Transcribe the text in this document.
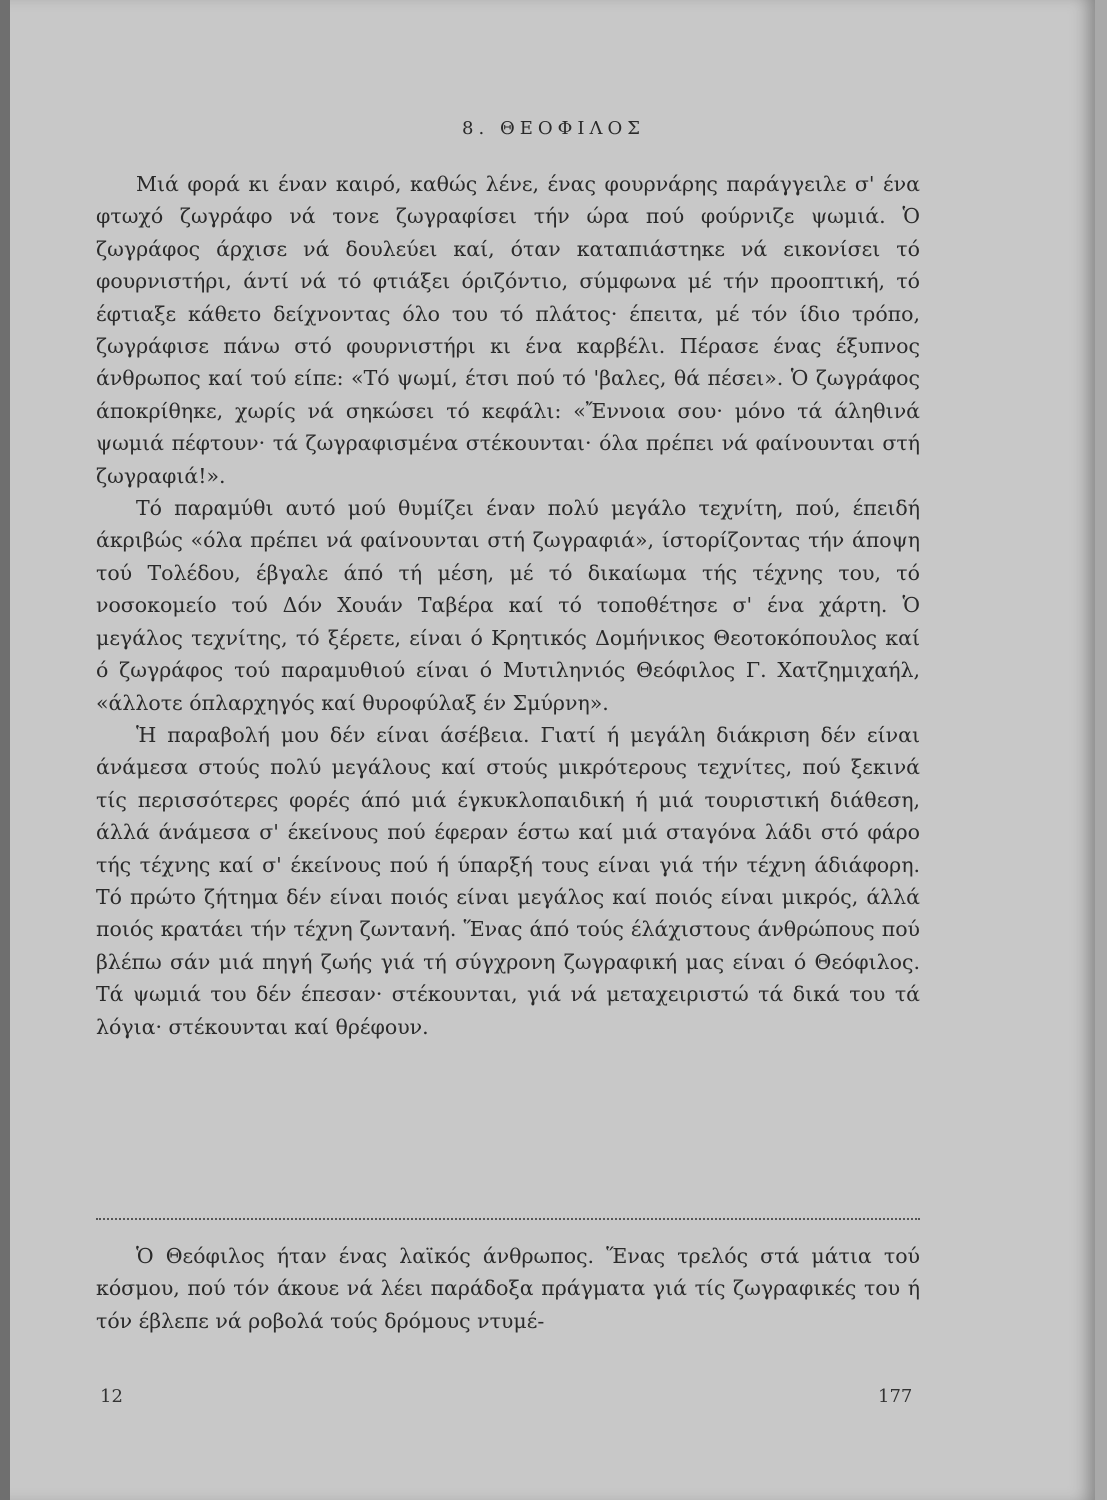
8. ΘΕΟΦΙΛΟΣ

Μιά φορά κι έναν καιρό, καθώς λένε, ένας φουρνάρης παράγγειλε σ' ένα φτωχό ζωγράφο νά τονε ζωγραφίσει τήν ώρα πού φούρνιζε ψωμιά. Ὁ ζωγράφος άρχισε νά δουλεύει καί, όταν καταπιάστηκε νά εικονίσει τό φουρνιστήρι, άντί νά τό φτιάξει όριζόντιο, σύμφωνα μέ τήν προοπτική, τό έφτιαξε κάθετο δείχνοντας όλο του τό πλάτος· έπειτα, μέ τόν ίδιο τρόπο, ζωγράφισε πάνω στό φουρνιστήρι κι ένα καρβέλι. Πέρασε ένας έξυπνος άνθρωπος καί τού είπε: «Τό ψωμί, έτσι πού τό 'βαλες, θά πέσει». Ὁ ζωγράφος άποκρίθηκε, χωρίς νά σηκώσει τό κεφάλι: «Ἔννοια σου· μόνο τά άληθινά ψωμιά πέφτουν· τά ζωγραφισμένα στέκουνται· όλα πρέπει νά φαίνουνται στή ζωγραφιά!».

Τό παραμύθι αυτό μού θυμίζει έναν πολύ μεγάλο τεχνίτη, πού, έπειδή άκριβώς «όλα πρέπει νά φαίνουνται στή ζωγραφιά», ίστορίζοντας τήν άποψη τού Τολέδου, έβγαλε άπό τή μέση, μέ τό δικαίωμα τής τέχνης του, τό νοσοκομείο τού Δόν Χουάν Ταβέρα καί τό τοποθέτησε σ' ένα χάρτη. Ὁ μεγάλος τεχνίτης, τό ξέρετε, είναι ό Κρητικός Δομήνικος Θεοτοκόπουλος καί ό ζωγράφος τού παραμυθιού είναι ό Μυτιληνιός Θεόφιλος Γ. Χατζημιχαήλ, «άλλοτε όπλαρχηγός καί θυροφύλαξ έν Σμύρνη».

Ἡ παραβολή μου δέν είναι άσέβεια. Γιατί ή μεγάλη διάκριση δέν είναι άνάμεσα στούς πολύ μεγάλους καί στούς μικρότερους τεχνίτες, πού ξεκινά τίς περισσότερες φορές άπό μιά έγκυκλοπαιδική ή μιά τουριστική διάθεση, άλλά άνάμεσα σ' έκείνους πού έφεραν έστω καί μιά σταγόνα λάδι στό φάρο τής τέχνης καί σ' έκείνους πού ή ύπαρξή τους είναι γιά τήν τέχνη άδιάφορη. Τό πρώτο ζήτημα δέν είναι ποιός είναι μεγάλος καί ποιός είναι μικρός, άλλά ποιός κρατάει τήν τέχνη ζωντανή. Ἕνας άπό τούς έλάχιστους άνθρώπους πού βλέπω σάν μιά πηγή ζωής γιά τή σύγχρονη ζωγραφική μας είναι ό Θεόφιλος. Τά ψωμιά του δέν έπεσαν· στέκουνται, γιά νά μεταχειριστώ τά δικά του τά λόγια· στέκουνται καί θρέφουν.

Ὁ Θεόφιλος ήταν ένας λαϊκός άνθρωπος. Ἕνας τρελός στά μάτια τού κόσμου, πού τόν άκουε νά λέει παράδοξα πράγματα γιά τίς ζωγραφικές του ή τόν έβλεπε νά ροβολά τούς δρόμους ντυμέ-

12	177
